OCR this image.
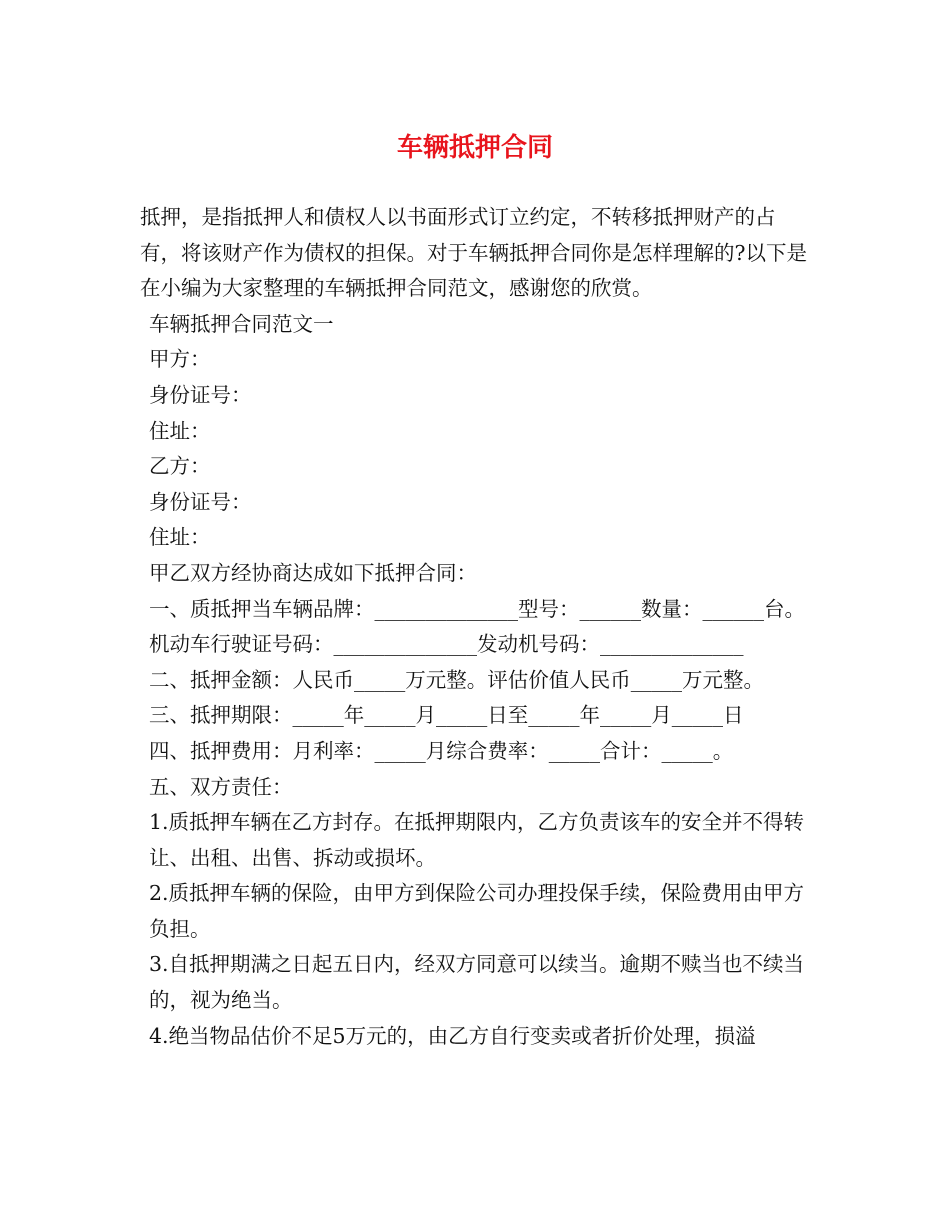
车辆抵押合同

抵押，是指抵押人和债权人以书面形式订立约定，不转移抵押财产的占有，将该财产作为债权的担保。对于车辆抵押合同你是怎样理解的?以下是在小编为大家整理的车辆抵押合同范文，感谢您的欣赏。

车辆抵押合同范文一

甲方：

身份证号：

住址：

乙方：

身份证号：

住址：

甲乙双方经协商达成如下抵押合同：

一、质抵押当车辆品牌：______________型号：______数量：______台。

机动车行驶证号码：______________发动机号码：______________

二、抵押金额：人民币_____万元整。评估价值人民币_____万元整。

三、抵押期限：_____年_____月_____日至_____年_____月_____日

四、抵押费用：月利率：_____月综合费率：_____合计：_____。

五、双方责任：

1.质抵押车辆在乙方封存。在抵押期限内，乙方负责该车的安全并不得转让、出租、出售、拆动或损坏。

2.质抵押车辆的保险，由甲方到保险公司办理投保手续，保险费用由甲方负担。

3.自抵押期满之日起五日内，经双方同意可以续当。逾期不赎当也不续当的，视为绝当。

4.绝当物品估价不足5万元的，由乙方自行变卖或者折价处理，损溢
